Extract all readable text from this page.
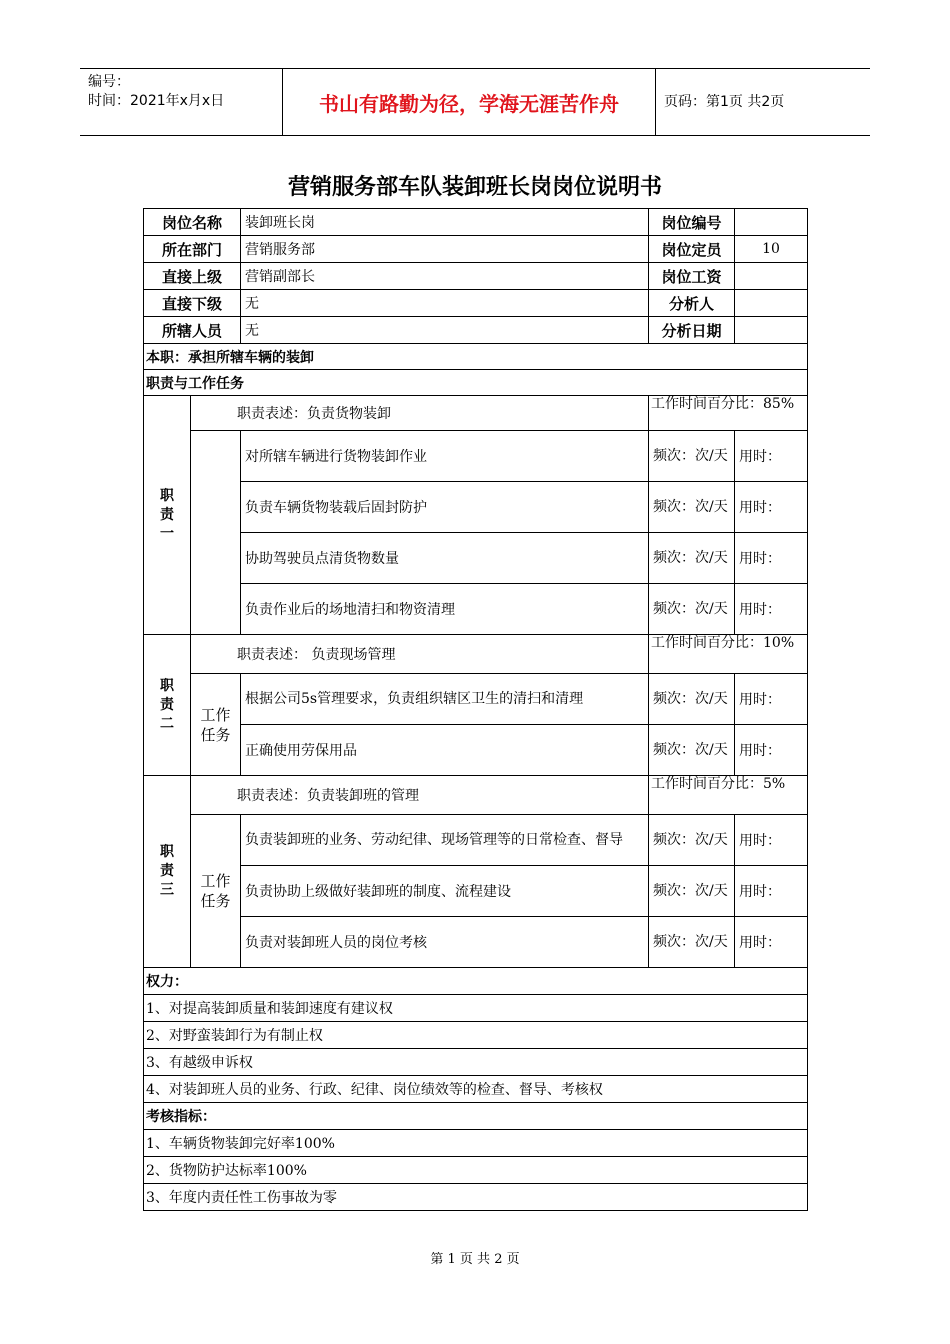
编号：
时间：2021年x月x日	书山有路勤为径，学海无涯苦作舟	页码：第1页 共2页
营销服务部车队装卸班长岗岗位说明书
岗位名称		装卸班长岗		岗位编号	
所在部门		营销服务部		岗位定员	10
直接上级		营销副部长		岗位工资	
直接下级		无		分析人	
所辖人员		无		分析日期	
本职：承担所辖车辆的装卸					
职责与工作任务					
职责一	职责表述：负责货物装卸			工作时间百分比：85%	
		对所辖车辆进行货物装卸作业		频次：次/天	用时：
		负责车辆货物装载后固封防护		频次：次/天	用时：
		协助驾驶员点清货物数量		频次：次/天	用时：
		负责作业后的场地清扫和物资清理		频次：次/天	用时：
职责二	职责表述： 负责现场管理			工作时间百分比：10%	
	工作任务	根据公司5s管理要求，负责组织辖区卫生的清扫和清理		频次：次/天	用时：
		正确使用劳保用品		频次：次/天	用时：
职责三	职责表述：负责装卸班的管理			工作时间百分比：5%	
	工作任务	负责装卸班的业务、劳动纪律、现场管理等的日常检查、督导		频次：次/天	用时：
		负责协助上级做好装卸班的制度、流程建设		频次：次/天	用时：
		负责对装卸班人员的岗位考核		频次：次/天	用时：
权力：					
1、对提高装卸质量和装卸速度有建议权					
2、对野蛮装卸行为有制止权					
3、有越级申诉权					
4、对装卸班人员的业务、行政、纪律、岗位绩效等的检查、督导、考核权					
考核指标：					
1、车辆货物装卸完好率100%					
2、货物防护达标率100%					
3、年度内责任性工伤事故为零					
第 1 页 共 2 页
